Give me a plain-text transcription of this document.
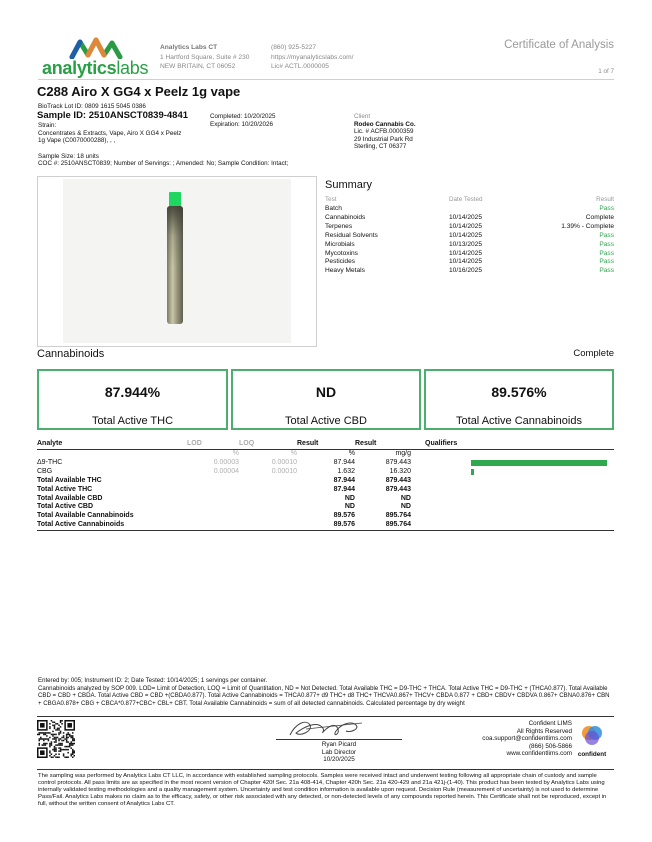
analyticslabs
Analytics Labs CT
1 Hartford Square, Suite # 230
NEW BRITAIN, CT 06052
(860) 925-5227
https://myanalyticslabs.com/
Lic# ACTL.0000005
Certificate of Analysis
1 of 7
C288 Airo X GG4 x Peelz 1g vape
BioTrack Lot ID: 0809 1615 5045 0386
Sample ID: 2510ANSCT0839-4841
Strain:
Concentrates & Extracts, Vape, Airo X GG4 x Peelz
1g Vape (C0070000288), , ,
Completed: 10/20/2025
Expiration: 10/20/2026
Sample Size: 18 units
COC #: 2510ANSCT0839; Number of Servings: ; Amended: No; Sample Condition: Intact;
Client
Rodeo Cannabis Co.
Lic. # ACFB.0000359
29 Industrial Park Rd
Sterling, CT 06377
Summary
Test	Date Tested	Result
Batch		Pass
Cannabinoids	10/14/2025	Complete
Terpenes	10/14/2025	1.39% - Complete
Residual Solvents	10/14/2025	Pass
Microbials	10/13/2025	Pass
Mycotoxins	10/14/2025	Pass
Pesticides	10/14/2025	Pass
Heavy Metals	10/16/2025	Pass
Cannabinoids	Complete
87.944%
Total Active THC
ND
Total Active CBD
89.576%
Total Active Cannabinoids
Analyte	LOD	LOQ	Result	Result	Qualifiers
	%	%	%	mg/g	
Δ9-THC	0.00003	0.00010	87.944	879.443	

CBG	0.00004	0.00010	1.632	16.320	

Total Available THC			87.944	879.443	
Total Active THC			87.944	879.443	
Total Available CBD			ND	ND	
Total Active CBD			ND	ND	
Total Available Cannabinoids			89.576	895.764	
Total Active Cannabinoids			89.576	895.764	

Entered by: 005; Instrument ID: 2; Date Tested: 10/14/2025; 1 servings per container.
Cannabinoids analyzed by SOP 009. LOD= Limit of Detection, LOQ = Limit of Quantitation, ND = Not Detected. Total Available THC = D9-THC + THCA. Total Active THC = D9-THC + (THCA0.877). Total Available CBD = CBD + CBDA. Total Active CBD = CBD +(CBDA0.877). Total Active Cannabinoids = THCA0.877+ d9 THC+ d8 THC+ THCVA0.867+ THCV+ CBDA 0.877 + CBD+ CBDV+ CBDVA 0.867+ CBNA0.876+ CBN + CBGA0.878+ CBG + CBCA*0.877+CBC+ CBL+ CBT. Total Available Cannabinoids = sum of all detected cannabinoids. Calculated percentage by dry weight
Ryan Picard
Lab Director
10/20/2025
Confident LIMS
All Rights Reserved
coa.support@confidentlims.com
(866) 506-5866
www.confidentlims.com confident
The sampling was performed by Analytics Labs CT LLC, in accordance with established sampling protocols. Samples were received intact and underwent testing following all appropriate chain of custody and sample control protocols. All pass limits are as specified in the most recent version of Chapter 420f Sec. 21a 408-414, Chapter 420h Sec. 21a 420-429 and 21a 421j-(1-40). This product has been tested by Analytics Labs using internally validated testing methodologies and a quality management system. Uncertainty and test condition information is available upon request. Decision Rule (measurement of uncertainty) is not used to determine Pass/Fail. Analytics Labs makes no claim as to the efficacy, safety, or other risk associated with any detected, or non-detected levels of any compounds reported herein. This Certificate shall not be reproduced, except in full, without the written consent of Analytics Labs CT.
